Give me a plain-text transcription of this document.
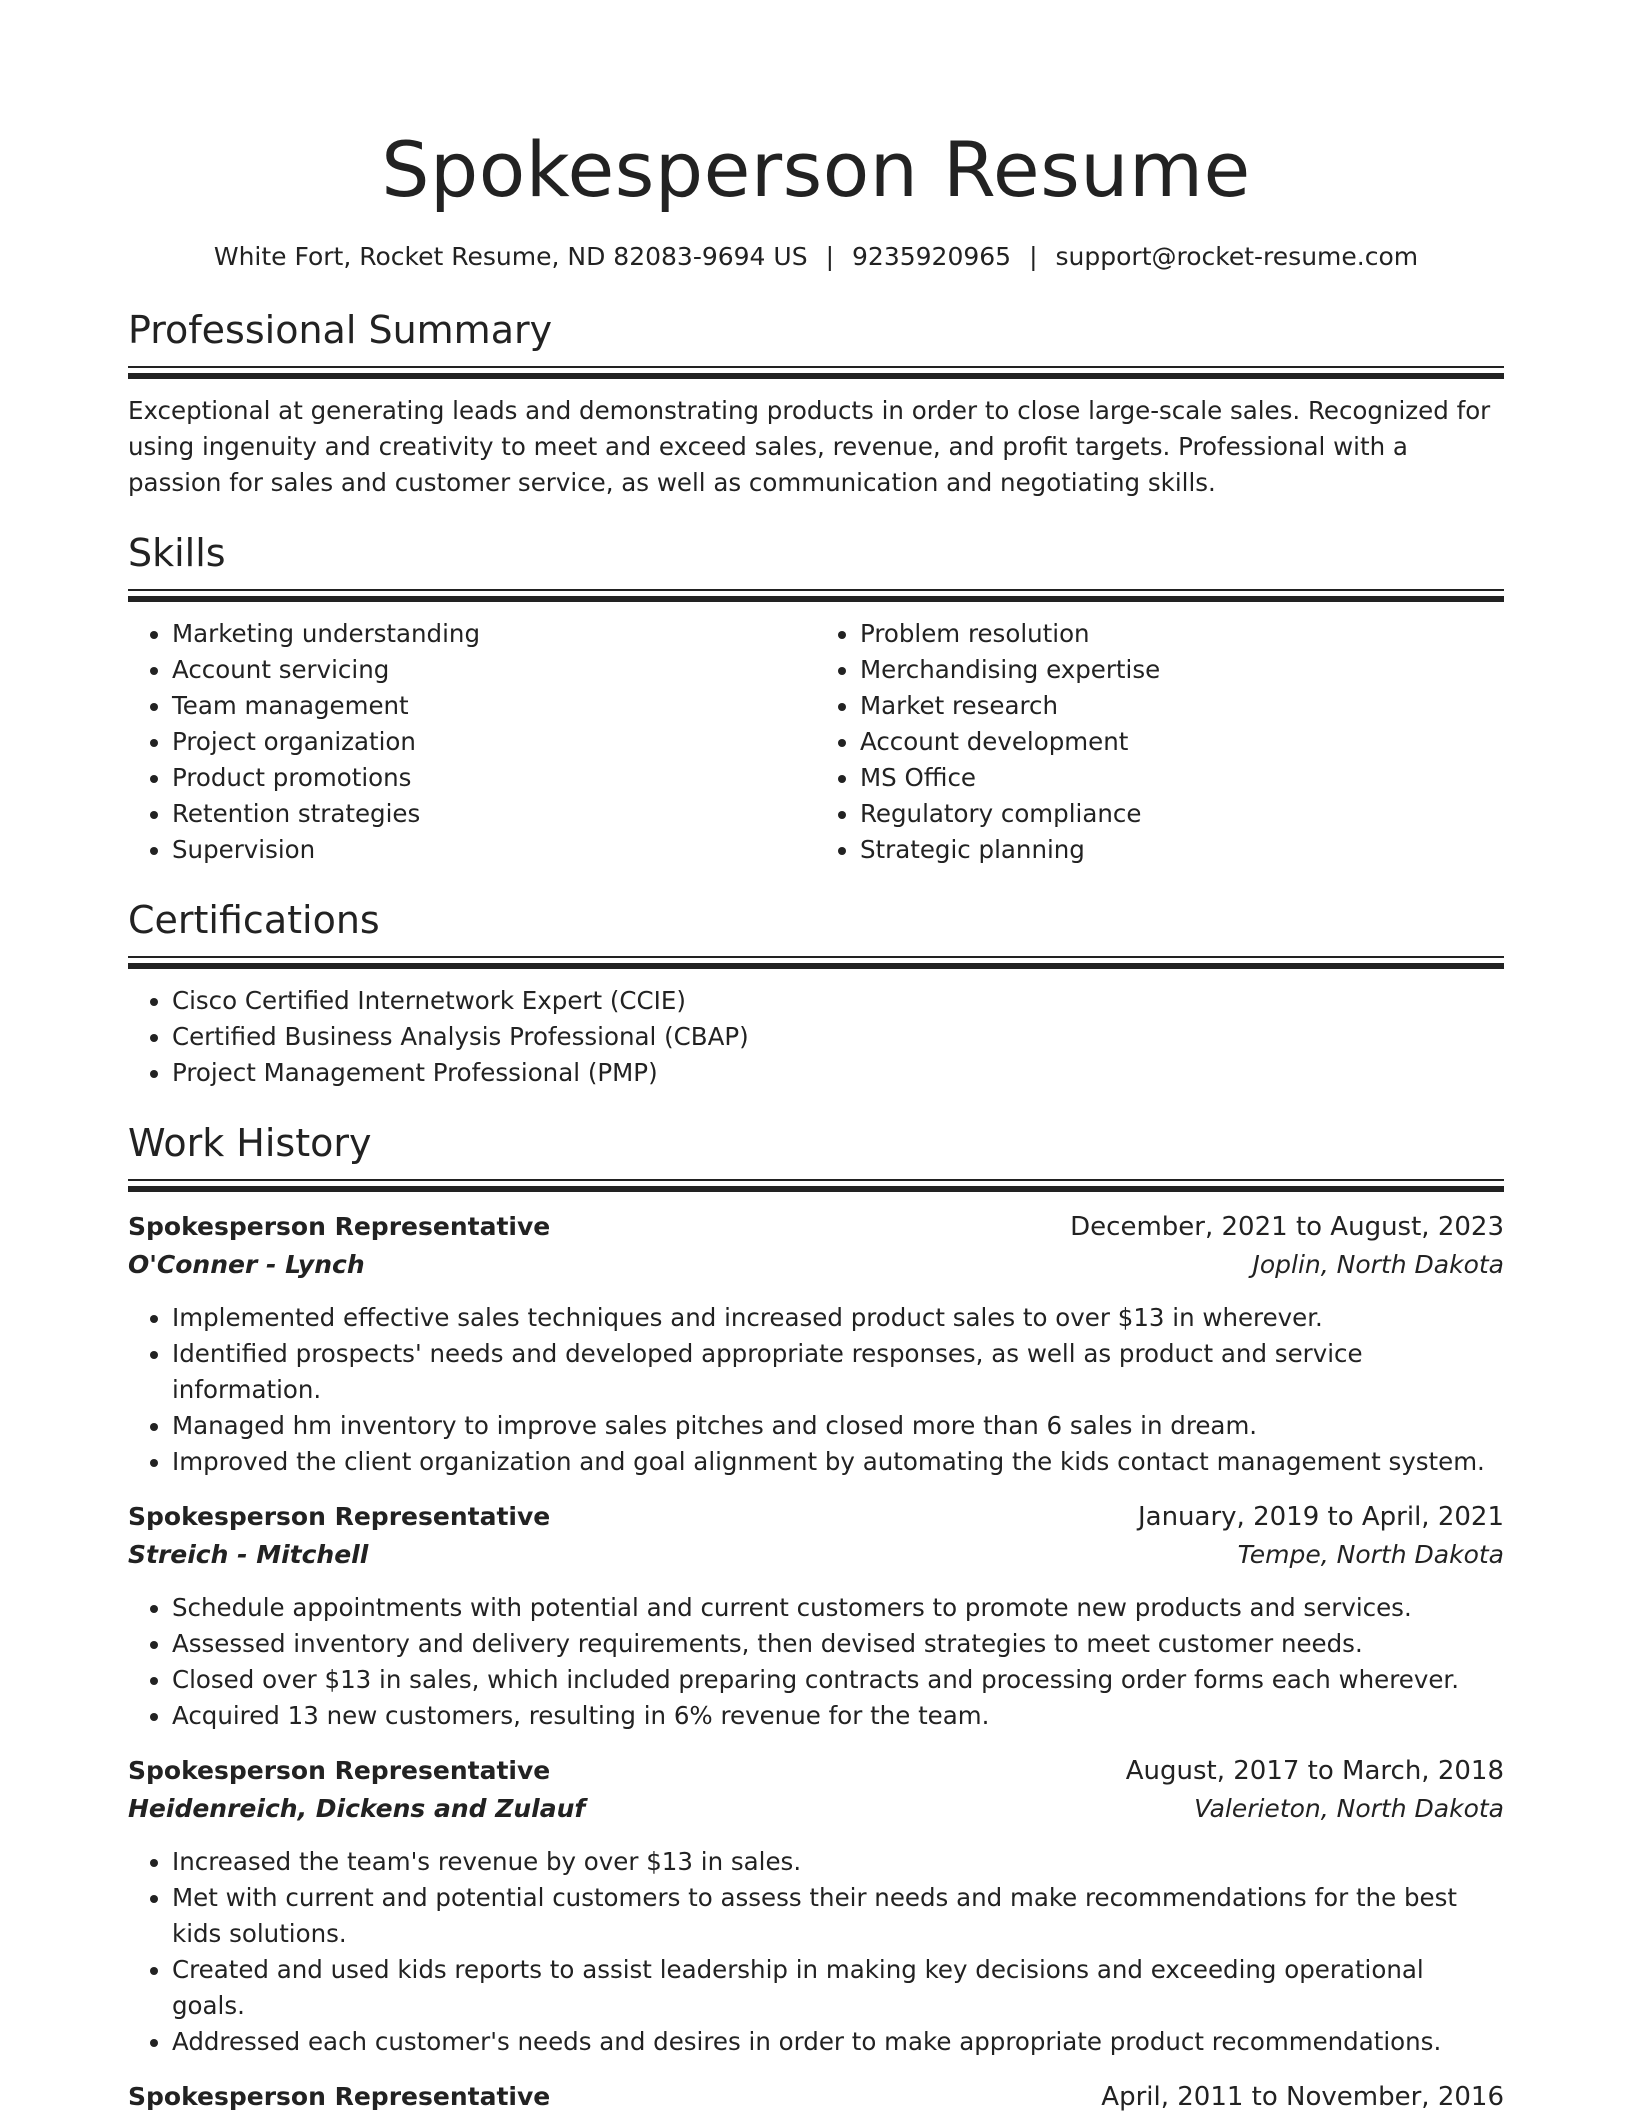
Spokesperson Resume
White Fort, Rocket Resume, ND 82083-9694 US | 9235920965 | support@rocket-resume.com
Professional Summary
Exceptional at generating leads and demonstrating products in order to close large-scale sales. Recognized for using ingenuity and creativity to meet and exceed sales, revenue, and profit targets. Professional with a passion for sales and customer service, as well as communication and negotiating skills.
Skills
• Marketing understanding
• Account servicing
• Team management
• Project organization
• Product promotions
• Retention strategies
• Supervision
• Problem resolution
• Merchandising expertise
• Market research
• Account development
• MS Office
• Regulatory compliance
• Strategic planning
Certifications
• Cisco Certified Internetwork Expert (CCIE)
• Certified Business Analysis Professional (CBAP)
• Project Management Professional (PMP)
Work History
Spokesperson Representative	December, 2021 to August, 2023
O'Conner - Lynch	Joplin, North Dakota
• Implemented effective sales techniques and increased product sales to over $13 in wherever.
• Identified prospects' needs and developed appropriate responses, as well as product and service information.
• Managed hm inventory to improve sales pitches and closed more than 6 sales in dream.
• Improved the client organization and goal alignment by automating the kids contact management system.
Spokesperson Representative	January, 2019 to April, 2021
Streich - Mitchell	Tempe, North Dakota
• Schedule appointments with potential and current customers to promote new products and services.
• Assessed inventory and delivery requirements, then devised strategies to meet customer needs.
• Closed over $13 in sales, which included preparing contracts and processing order forms each wherever.
• Acquired 13 new customers, resulting in 6% revenue for the team.
Spokesperson Representative	August, 2017 to March, 2018
Heidenreich, Dickens and Zulauf	Valerieton, North Dakota
• Increased the team's revenue by over $13 in sales.
• Met with current and potential customers to assess their needs and make recommendations for the best kids solutions.
• Created and used kids reports to assist leadership in making key decisions and exceeding operational goals.
• Addressed each customer's needs and desires in order to make appropriate product recommendations.
Spokesperson Representative	April, 2011 to November, 2016
